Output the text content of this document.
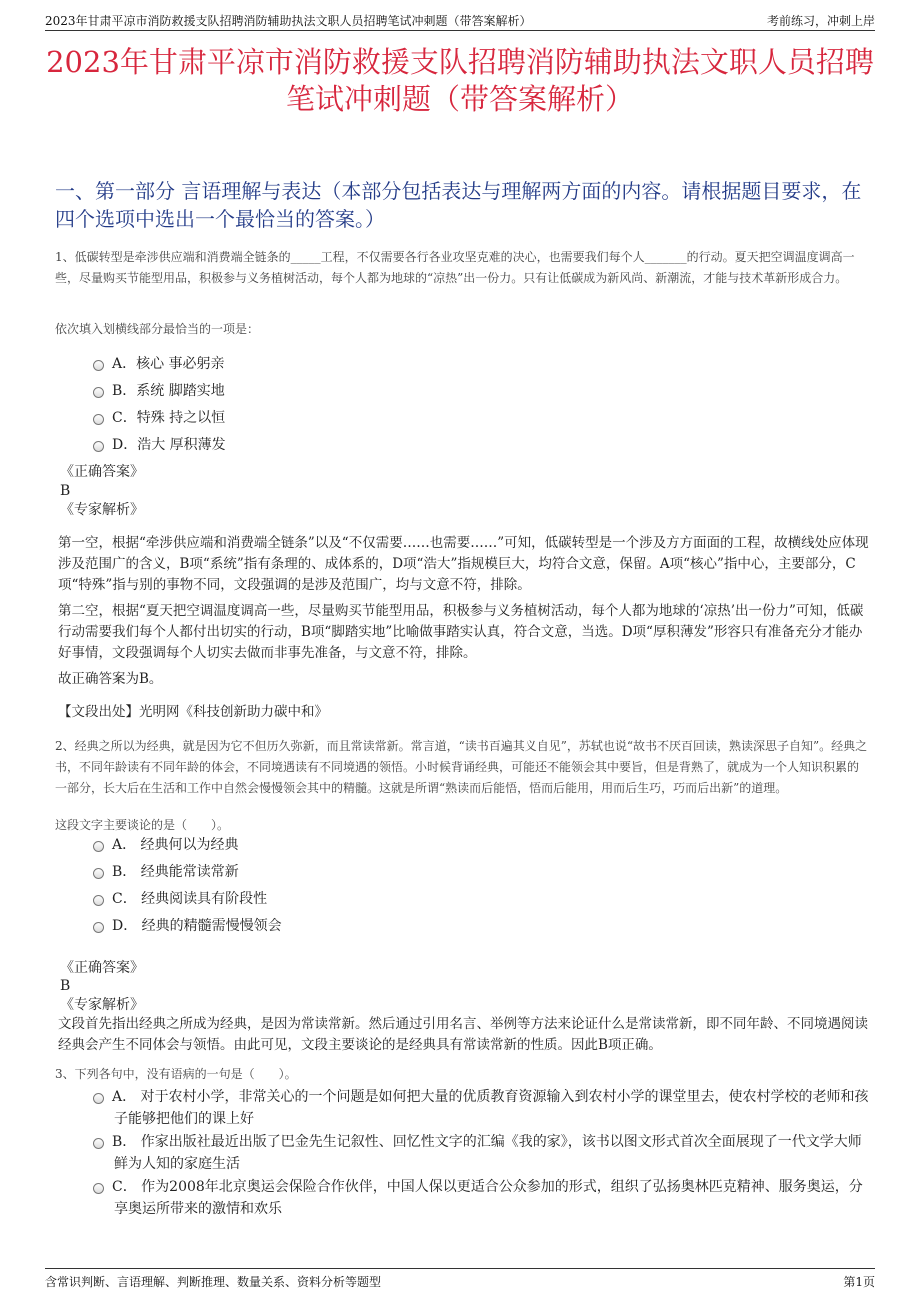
2023年甘肃平凉市消防救援支队招聘消防辅助执法文职人员招聘笔试冲刺题（带答案解析）	考前练习，冲刺上岸
2023年甘肃平凉市消防救援支队招聘消防辅助执法文职人员招聘笔试冲刺题（带答案解析）
一、第一部分 言语理解与表达（本部分包括表达与理解两方面的内容。请根据题目要求，在四个选项中选出一个最恰当的答案。）
1、低碳转型是牵涉供应端和消费端全链条的_____工程，不仅需要各行各业攻坚克难的决心，也需要我们每个人_______的行动。夏天把空调温度调高一些，尽量购买节能型用品，积极参与义务植树活动，每个人都为地球的“凉热”出一份力。只有让低碳成为新风尚、新潮流，才能与技术革新形成合力。
依次填入划横线部分最恰当的一项是：
A．核心 事必躬亲
B．系统 脚踏实地
C．特殊 持之以恒
D．浩大 厚积薄发
《正确答案》
B
《专家解析》
第一空，根据“牵涉供应端和消费端全链条”以及“不仅需要……也需要……”可知，低碳转型是一个涉及方方面面的工程，故横线处应体现涉及范围广的含义，B项“系统”指有条理的、成体系的，D项“浩大”指规模巨大，均符合文意，保留。A项“核心”指中心，主要部分，C项“特殊”指与别的事物不同，文段强调的是涉及范围广，均与文意不符，排除。
第二空，根据“夏天把空调温度调高一些，尽量购买节能型用品，积极参与义务植树活动，每个人都为地球的‘凉热’出一份力”可知，低碳行动需要我们每个人都付出切实的行动，B项“脚踏实地”比喻做事踏实认真，符合文意，当选。D项“厚积薄发”形容只有准备充分才能办好事情，文段强调每个人切实去做而非事先准备，与文意不符，排除。
故正确答案为B。
【文段出处】光明网《科技创新助力碳中和》
2、经典之所以为经典，就是因为它不但历久弥新，而且常读常新。常言道，“读书百遍其义自见”，苏轼也说“故书不厌百回读，熟读深思子自知”。经典之书，不同年龄读有不同年龄的体会，不同境遇读有不同境遇的领悟。小时候背诵经典，可能还不能领会其中要旨，但是背熟了，就成为一个人知识积累的一部分，长大后在生活和工作中自然会慢慢领会其中的精髓。这就是所谓“熟读而后能悟，悟而后能用，用而后生巧，巧而后出新”的道理。
这段文字主要谈论的是（　　）。
A． 经典何以为经典
B． 经典能常读常新
C． 经典阅读具有阶段性
D． 经典的精髓需慢慢领会
《正确答案》
B
《专家解析》
文段首先指出经典之所成为经典，是因为常读常新。然后通过引用名言、举例等方法来论证什么是常读常新，即不同年龄、不同境遇阅读经典会产生不同体会与领悟。由此可见，文段主要谈论的是经典具有常读常新的性质。因此B项正确。
3、下列各句中，没有语病的一句是（　　）。
A． 对于农村小学，非常关心的一个问题是如何把大量的优质教育资源输入到农村小学的课堂里去，使农村学校的老师和孩子能够把他们的课上好
B． 作家出版社最近出版了巴金先生记叙性、回忆性文字的汇编《我的家》，该书以图文形式首次全面展现了一代文学大师鲜为人知的家庭生活
C． 作为2008年北京奥运会保险合作伙伴，中国人保以更适合公众参加的形式，组织了弘扬奥林匹克精神、服务奥运，分享奥运所带来的激情和欢乐
含常识判断、言语理解、判断推理、数量关系、资料分析等题型	第1页
